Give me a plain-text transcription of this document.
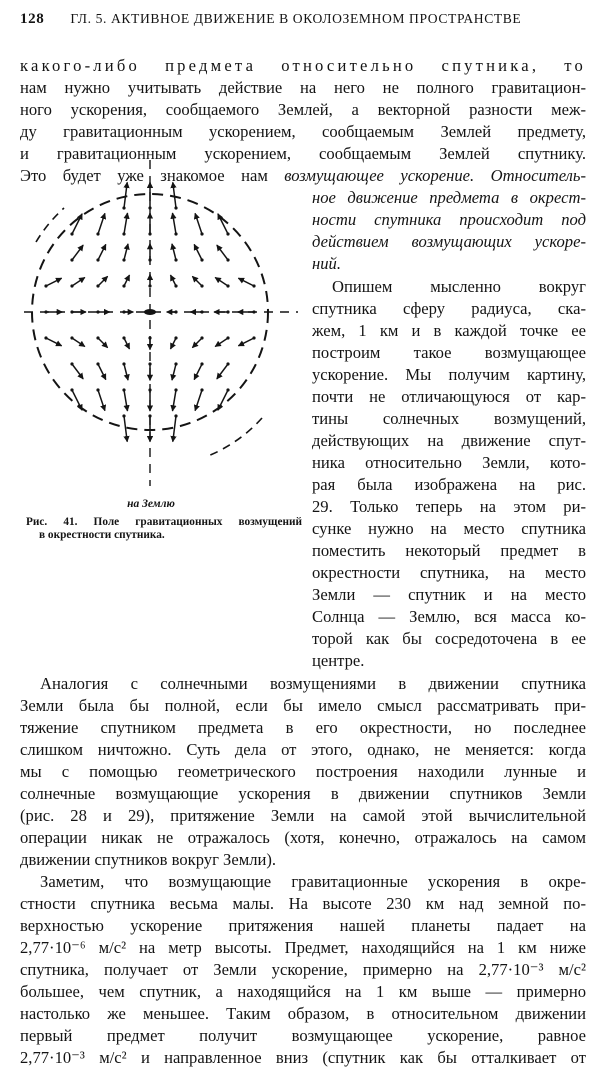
128 ГЛ. 5. АКТИВНОЕ ДВИЖЕНИЕ В ОКОЛОЗЕМНОМ ПРОСТРАНСТВЕ
какого-либо предмета относительно спутника, то
нам нужно учитывать действие на него не полного гравитацион-
ного ускорения, сообщаемого Землей, а векторной разности меж-
ду гравитационным ускорением, сообщаемым Землей предмету,
и гравитационным ускорением, сообщаемым Землей спутнику.
Это будет уже знакомое нам возмущающее ускорение. Относитель-
ное движение предмета в окрест-
ности спутника происходит под
действием возмущающих ускоре-
ний.
Опишем мысленно вокруг
спутника сферу радиуса, ска-
жем, 1 км и в каждой точке ее
построим такое возмущающее
ускорение. Мы получим картину,
почти не отличающуюся от кар-
тины солнечных возмущений,
действующих на движение спут-
ника относительно Земли, кото-
рая была изображена на рис.
29. Только теперь на этом ри-
сунке нужно на место спутника
поместить некоторый предмет в
окрестности спутника, на место
Земли — спутник и на место
Солнца — Землю, вся масса ко-
торой как бы сосредоточена в ее
центре.
Аналогия с солнечными возмущениями в движении спутника
Земли была бы полной, если бы имело смысл рассматривать при-
тяжение спутником предмета в его окрестности, но последнее
слишком ничтожно. Суть дела от этого, однако, не меняется: когда
мы с помощью геометрического построения находили лунные и
солнечные возмущающие ускорения в движении спутников Земли
(рис. 28 и 29), притяжение Земли на самой этой вычислительной
операции никак не отражалось (хотя, конечно, отражалось на самом
движении спутников вокруг Земли).
Заметим, что возмущающие гравитационные ускорения в окре-
стности спутника весьма малы. На высоте 230 км над земной по-
верхностью ускорение притяжения нашей планеты падает на
2,77·10⁻⁶ м/с² на метр высоты. Предмет, находящийся на 1 км ниже
спутника, получает от Земли ускорение, примерно на 2,77·10⁻³ м/с²
большее, чем спутник, а находящийся на 1 км выше — примерно
настолько же меньшее. Таким образом, в относительном движении
первый предмет получит возмущающее ускорение, равное
2,77·10⁻³ м/с² и направленное вниз (спутник как бы отталкивает от
на Землю
Рис. 41. Поле гравитационных возмущений
в окрестности спутника.
